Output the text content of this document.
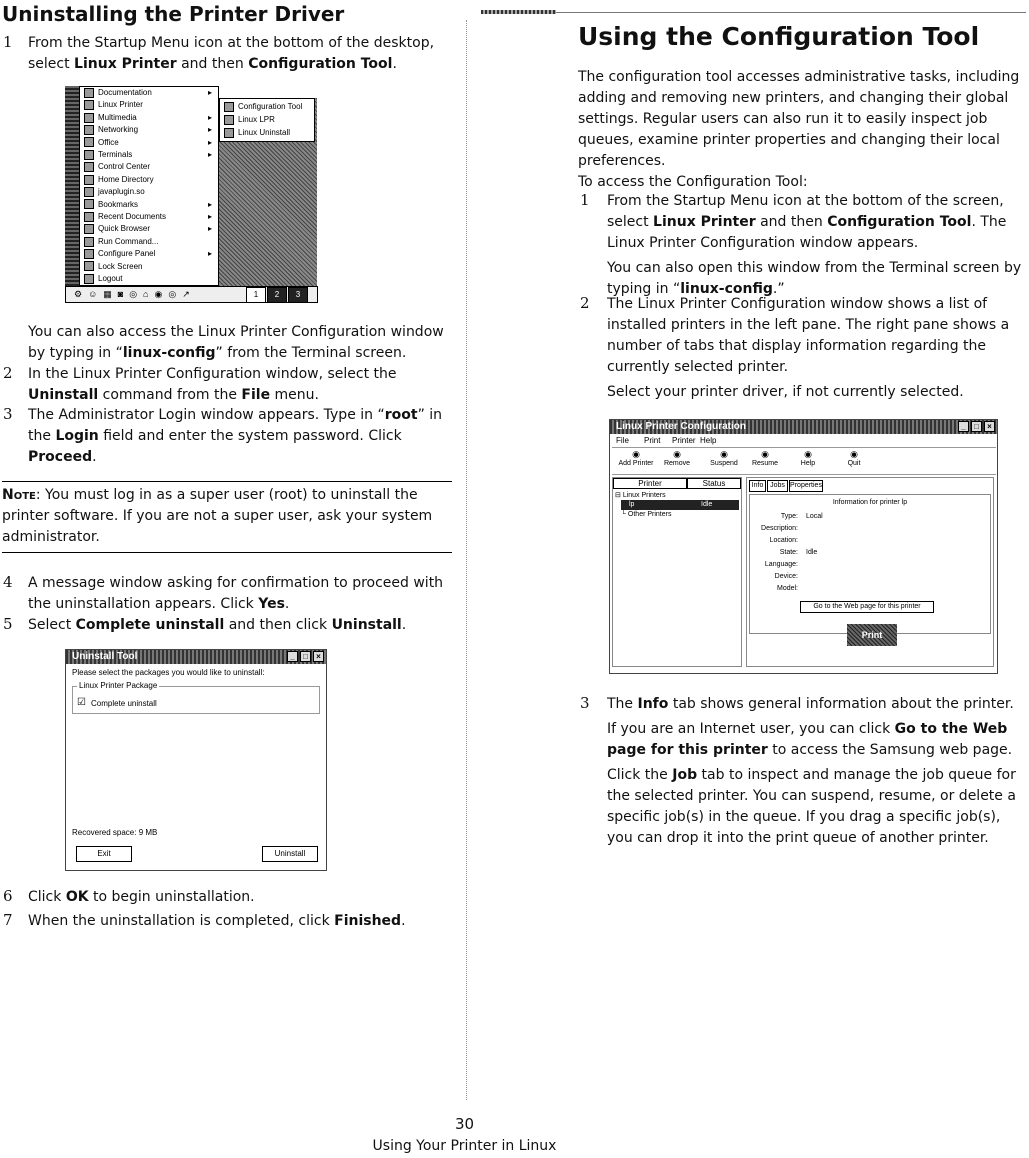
Uninstalling the Printer Driver
1 From the Startup Menu icon at the bottom of the desktop,
select Linux Printer and then Configuration Tool.
Documentation	▸
Linux Printer
Multimedia	▸
Networking	▸
Office	▸
Terminals	▸
Control Center
Home Directory
javaplugin.so
Bookmarks	▸
Recent Documents	▸
Quick Browser	▸
Run Command...
Configure Panel	▸
Lock Screen
Logout
Configuration Tool
Linux LPR
Linux Uninstall
⚙☺▦◙◎⌂◉◎↗	1	2	3
You can also access the Linux Printer Configuration window
by typing in “linux-config” from the Terminal screen.
2 In the Linux Printer Configuration window, select the
Uninstall command from the File menu.
3 The Administrator Login window appears. Type in “root” in
the Login field and enter the system password. Click
Proceed.
Note: You must log in as a super user (root) to uninstall the
printer software. If you are not a super user, ask your system
administrator.
4 A message window asking for confirmation to proceed with
the uninstallation appears. Click Yes.
5 Select Complete uninstall and then click Uninstall.
Uninstall Tool	_	□	×
Please select the packages you would like to uninstall:
Linux Printer Package
☑ Complete uninstall
Recovered space: 9 MB
Exit	Uninstall
6 Click OK to begin uninstallation.
7 When the uninstallation is completed, click Finished.
Using the Configuration Tool
The configuration tool accesses administrative tasks, including
adding and removing new printers, and changing their global
settings. Regular users can also run it to easily inspect job
queues, examine printer properties and changing their local
preferences.
To access the Configuration Tool:
1 From the Startup Menu icon at the bottom of the screen,
select Linux Printer and then Configuration Tool. The
Linux Printer Configuration window appears.
You can also open this window from the Terminal screen by
typing in “linux-config.”
2 The Linux Printer Configuration window shows a list of
installed printers in the left pane. The right pane shows a
number of tabs that display information regarding the
currently selected printer.
Select your printer driver, if not currently selected.
Linux Printer Configuration	_	□	×
File Print Printer Help
◉
Add Printer
◉
Remove
◉
Suspend
◉
Resume
◉
Help
◉
Quit
Printer	Status
⊟ Linux Printers
lp	Idle
└ Other Printers
Info Jobs Properties
Information for printer lp
Type: Local
Description:
Location:
State: Idle
Language:
Device:
Model:
Go to the Web page for this printer
Print
3 The Info tab shows general information about the printer.
If you are an Internet user, you can click Go to the Web
page for this printer to access the Samsung web page.
Click the Job tab to inspect and manage the job queue for
the selected printer. You can suspend, resume, or delete a
specific job(s) in the queue. If you drag a specific job(s),
you can drop it into the print queue of another printer.
30
Using Your Printer in Linux
